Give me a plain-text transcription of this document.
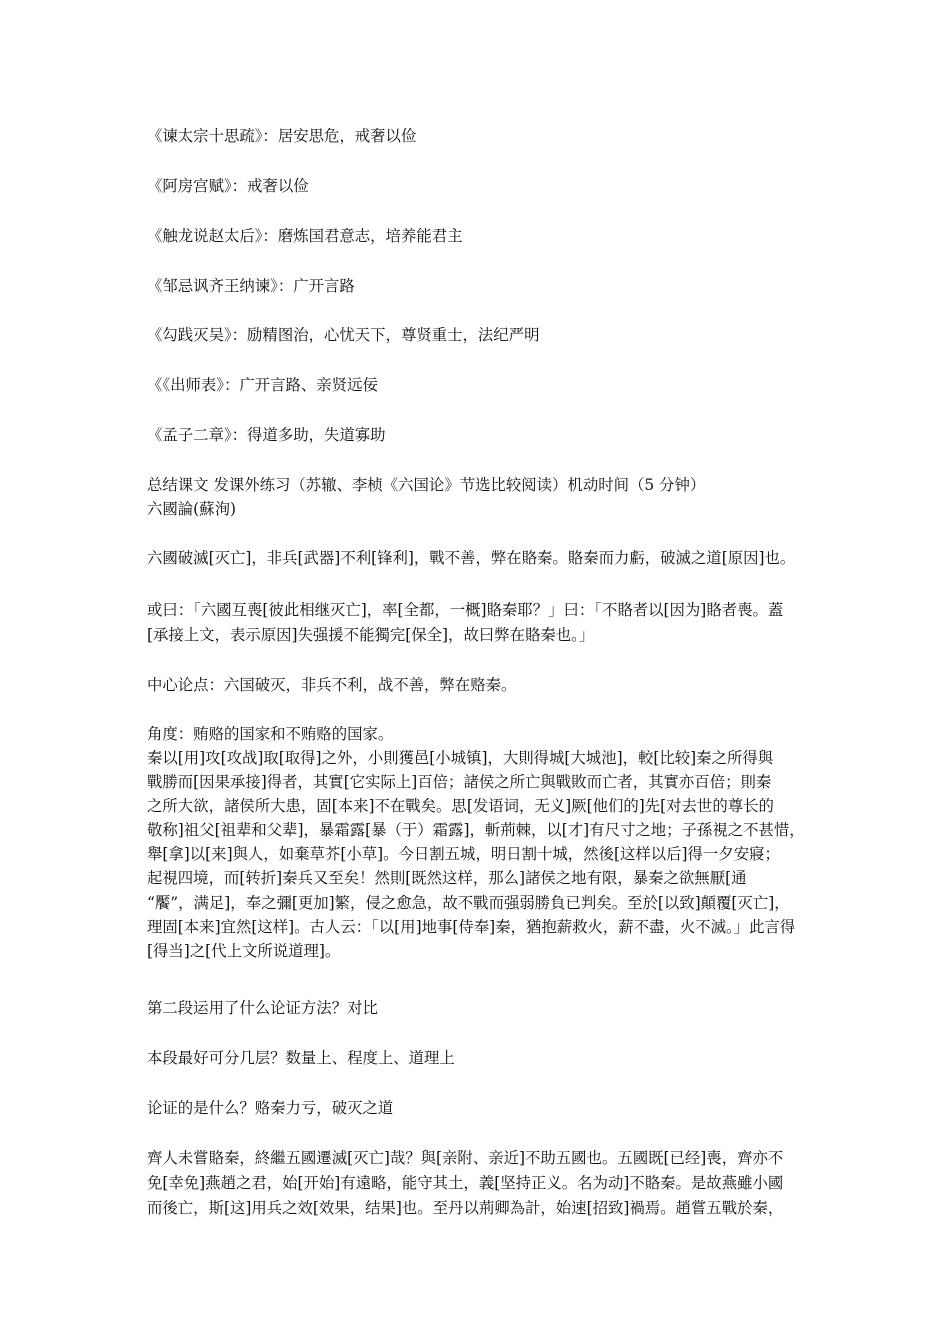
《谏太宗十思疏》：居安思危，戒奢以俭
《阿房宫赋》：戒奢以俭
《触龙说赵太后》：磨炼国君意志，培养能君主
《邹忌讽齐王纳谏》：广开言路
《勾践灭吴》：励精图治，心忧天下，尊贤重士，法纪严明
《《出师表》：广开言路、亲贤远佞
《孟子二章》：得道多助，失道寡助
总结课文 发课外练习（苏辙、李桢《六国论》节选比较阅读）机动时间（5 分钟）
六國論(蘇洵)
六國破滅[灭亡]，非兵[武器]不利[锋利]，戰不善，弊在賂秦。賂秦而力虧，破滅之道[原因]也。
或曰：「六國互喪[彼此相继灭亡]，率[全都，一概]賂秦耶？」曰：「不賂者以[因为]賂者喪。蓋
[承接上文，表示原因]失强援不能獨完[保全]，故曰弊在賂秦也。」
中心论点：六国破灭，非兵不利，战不善，弊在赂秦。
角度：贿赂的国家和不贿赂的国家。
秦以[用]攻[攻战]取[取得]之外，小則獲邑[小城镇]，大則得城[大城池]，較[比较]秦之所得與
戰勝而[因果承接]得者，其實[它实际上]百倍；諸侯之所亡與戰敗而亡者，其實亦百倍；則秦
之所大欲，諸侯所大患，固[本来]不在戰矣。思[发语词，无义]厥[他们的]先[对去世的尊长的
敬称]祖父[祖辈和父辈]，暴霜露[暴（于）霜露]，斬荊棘，以[才]有尺寸之地；子孫視之不甚惜，
舉[拿]以[来]與人，如棄草芥[小草]。今日割五城，明日割十城，然後[这样以后]得一夕安寢；
起視四境，而[转折]秦兵又至矣！然則[既然这样，那么]諸侯之地有限，暴秦之欲無厭[通
“饜”，满足]，奉之彌[更加]繁，侵之愈急，故不戰而强弱勝負已判矣。至於[以致]顛覆[灭亡]，
理固[本来]宜然[这样]。古人云：「以[用]地事[侍奉]秦，猶抱薪救火，薪不盡，火不滅。」此言得
[得当]之[代上文所说道理]。
第二段运用了什么论证方法？对比
本段最好可分几层？数量上、程度上、道理上
论证的是什么？赂秦力亏，破灭之道
齊人未嘗賂秦，終繼五國遷滅[灭亡]哉？與[亲附、亲近]不助五國也。五國既[已经]喪，齊亦不
免[幸免]燕趙之君，始[开始]有遠略，能守其土，義[坚持正义。名为动]不賂秦。是故燕雖小國
而後亡，斯[这]用兵之效[效果，结果]也。至丹以荊卿為計，始速[招致]禍焉。趙嘗五戰於秦，
